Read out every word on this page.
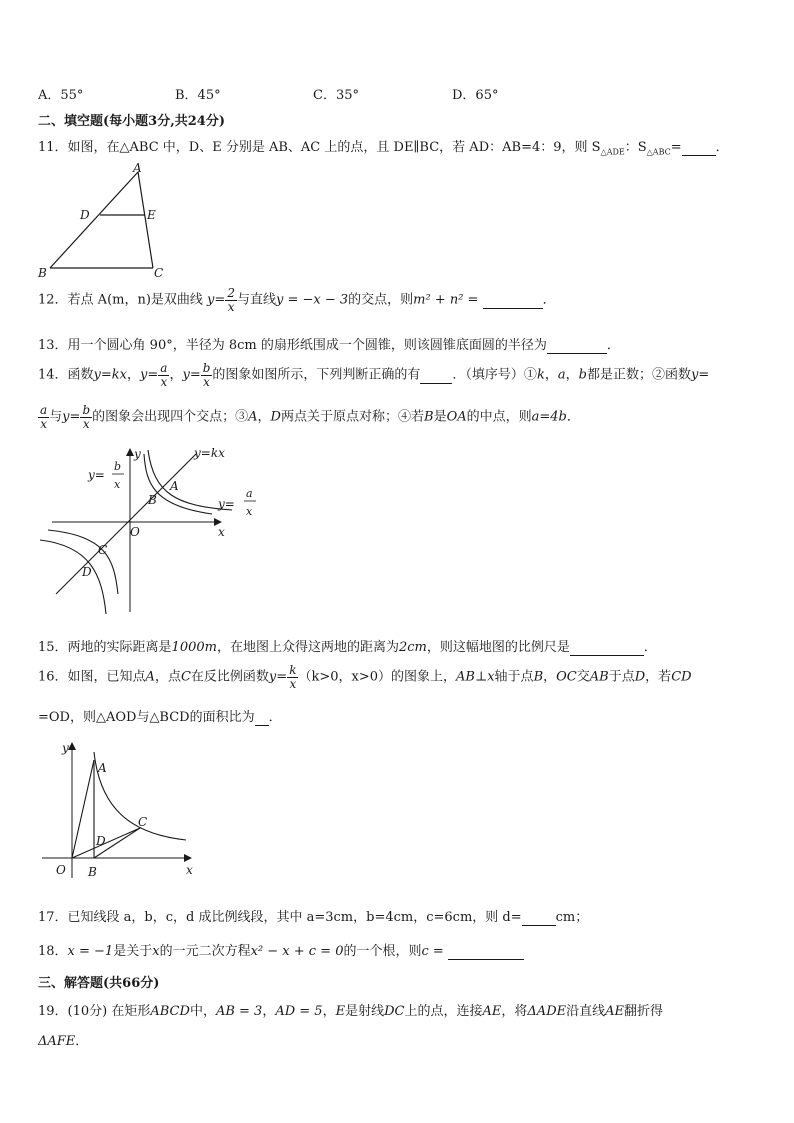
A．55°	B．45°	C．35°	D．65°
二、填空题(每小题3分,共24分)
11．如图，在△ABC 中，D、E 分别是 AB、AC 上的点，且 DE∥BC，若 AD：AB=4：9，则 $S_{\triangle ADE}$：$S_{\triangle ABC}=$	．
A
B	C
D	E
12．若点 A(m，n)是双曲线 $y= \frac{2}{x}$ 与直线y = −x − 3的交点，则m² + n² =	．
13．用一个圆心角 90°，半径为 8cm 的扇形纸围成一个圆锥，则该圆锥底面圆的半径为	．
14．函数y=kx，$y= \frac{a}{x}$ ，$y= \frac{b}{x}$ 的图象如图所示，下列判断正确的有 ．（填序号）①k，a，b都是正数；②函数y=
$\frac{a}{x}$ 与$y= \frac{b}{x}$ 的图象会出现四个交点；③A，D两点关于原点对称；④若B是OA的中点，则a=4b．
y=kx
y=
b
x
y=
a
x
A
B
C
D
O	x
y
15．两地的实际距离是1000m，在地图上众得这两地的距离为2cm，则这幅地图的比例尺是	．
16．如图，已知点A，点C在反比例函数$y= \frac{k}{x} (k>0$，x>0）的图象上，AB⊥x轴于点B，OC交AB于点D，若CD
=OD，则△AOD与△BCD的面积比为 ．
y
x
O
A
B
C
D
17．已知线段 a，b，c，d 成比例线段，其中 a=3cm，b=4cm，c=6cm，则 d=	cm；
18．x = −1是关于x的一元二次方程x² − x + c = 0的一个根，则c =
三、解答题(共66分)
19．(10分) 在矩形ABCD中，AB = 3，AD = 5，E是射线DC上的点，连接AE，将ΔADE沿直线AE翻折得
ΔAFE．
